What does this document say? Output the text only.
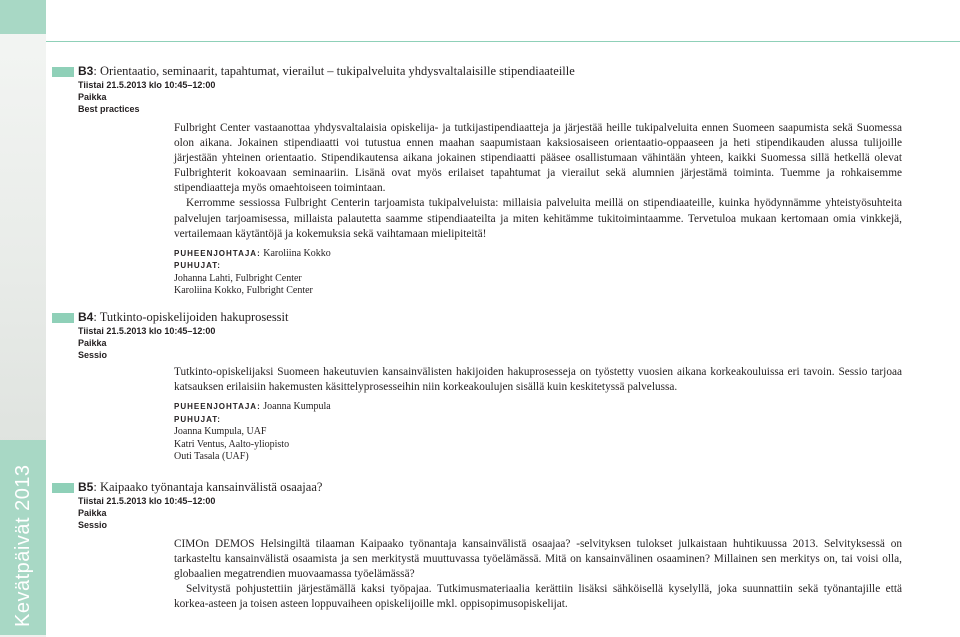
Kevätpäivät 2013
B3: Orientaatio, seminaarit, tapahtumat, vierailut – tukipalveluita yhdysvaltalaisille stipendiaateille
Tiistai 21.5.2013 klo 10:45–12:00
Paikka
Best practices

Fulbright Center vastaanottaa yhdysvaltalaisia opiskelija- ja tutkijastipendiaatteja ja järjestää heille tukipalveluita ennen Suomeen saapumista sekä Suomessa olon aikana. Jokainen stipendiaatti voi tutustua ennen maahan saapumistaan kaksiosaiseen orientaatio-oppaaseen ja heti stipendikauden alussa tulijoille järjestään yhteinen orientaatio. Stipendikautensa aikana jokainen stipendiaatti pääsee osallistumaan vähintään yhteen, kaikki Suomessa sillä hetkellä olevat Fulbrighterit kokoavaan seminaariin. Lisänä ovat myös erilaiset tapahtumat ja vierailut sekä alumnien järjestämä toiminta. Tuemme ja rohkaisemme stipendiaatteja myös omaehtoiseen toimintaan.

Kerromme sessiossa Fulbright Centerin tarjoamista tukipalveluista: millaisia palveluita meillä on stipendiaateille, kuinka hyödynnämme yhteistyösuhteita palvelujen tarjoamisessa, millaista palautetta saamme stipendiaateilta ja miten kehitämme tukitoimintaamme. Tervetuloa mukaan kertomaan omia vinkkejä, vertailemaan käytäntöjä ja kokemuksia sekä vaihtamaan mielipiteitä!

PUHEENJOHTAJA: Karoliina Kokko
PUHUJAT:
Johanna Lahti, Fulbright Center
Karoliina Kokko, Fulbright Center
B4: Tutkinto-opiskelijoiden hakuprosessit
Tiistai 21.5.2013 klo 10:45–12:00
Paikka
Sessio

Tutkinto-opiskelijaksi Suomeen hakeutuvien kansainvälisten hakijoiden hakuprosesseja on työstetty vuosien aikana korkeakouluissa eri tavoin. Sessio tarjoaa katsauksen erilaisiin hakemusten käsittelyprosesseihin niin korkeakoulujen sisällä kuin keskitetyssä palvelussa.

PUHEENJOHTAJA: Joanna Kumpula
PUHUJAT:
Joanna Kumpula, UAF
Katri Ventus, Aalto-yliopisto
Outi Tasala (UAF)
B5: Kaipaako työnantaja kansainvälistä osaajaa?
Tiistai 21.5.2013 klo 10:45–12:00
Paikka
Sessio

CIMOn DEMOS Helsingiltä tilaaman Kaipaako työnantaja kansainvälistä osaajaa? -selvityksen tulokset julkaistaan huhtikuussa 2013. Selvityksessä on tarkasteltu kansainvälistä osaamista ja sen merkitystä muuttuvassa työelämässä. Mitä on kansainvälinen osaaminen? Millainen sen merkitys on, tai voisi olla, globaalien megatrendien muovaamassa työelämässä?

Selvitystä pohjustettiin järjestämällä kaksi työpajaa. Tutkimusmateriaalia kerättiin lisäksi sähköisellä kyselyllä, joka suunnattiin sekä työnantajille että korkea-asteen ja toisen asteen loppuvaiheen opiskelijoille mkl. oppisopimusopiskelijat.
